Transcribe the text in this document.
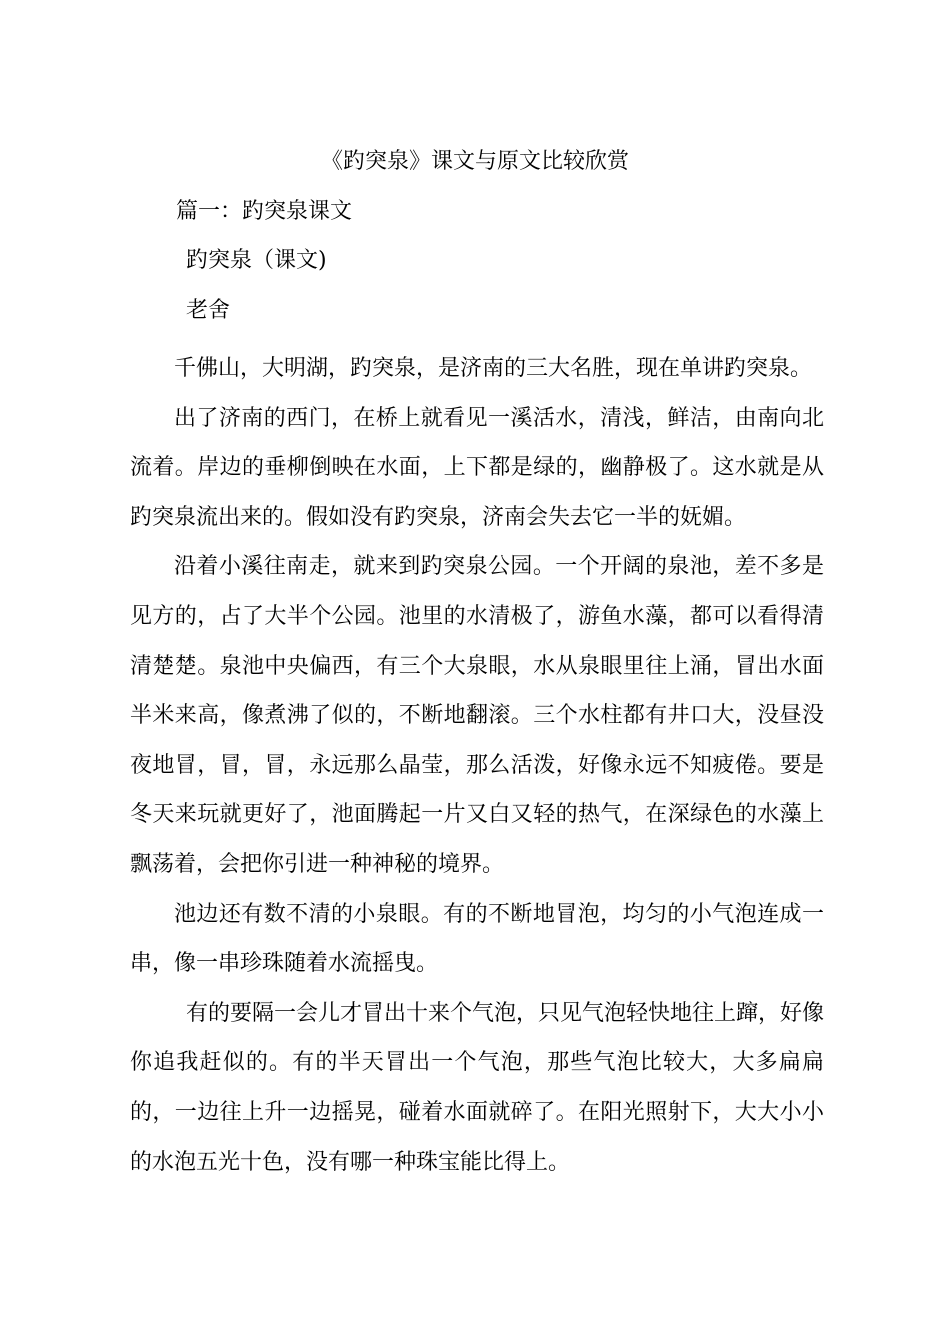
《趵突泉》课文与原文比较欣赏
篇一：趵突泉课文
趵突泉（课文)
老舍

千佛山，大明湖，趵突泉，是济南的三大名胜，现在单讲趵突泉。

出了济南的西门，在桥上就看见一溪活水，清浅，鲜洁，由南向北流着。岸边的垂柳倒映在水面，上下都是绿的，幽静极了。这水就是从趵突泉流出来的。假如没有趵突泉，济南会失去它一半的妩媚。

沿着小溪往南走，就来到趵突泉公园。一个开阔的泉池，差不多是见方的，占了大半个公园。池里的水清极了，游鱼水藻，都可以看得清清楚楚。泉池中央偏西，有三个大泉眼，水从泉眼里往上涌，冒出水面半米来高，像煮沸了似的，不断地翻滚。三个水柱都有井口大，没昼没夜地冒，冒，冒，永远那么晶莹，那么活泼，好像永远不知疲倦。要是冬天来玩就更好了，池面腾起一片又白又轻的热气，在深绿色的水藻上飘荡着，会把你引进一种神秘的境界。

池边还有数不清的小泉眼。有的不断地冒泡，均匀的小气泡连成一串，像一串珍珠随着水流摇曳。

有的要隔一会儿才冒出十来个气泡，只见气泡轻快地往上蹿，好像你追我赶似的。有的半天冒出一个气泡，那些气泡比较大，大多扁扁的，一边往上升一边摇晃，碰着水面就碎了。在阳光照射下，大大小小的水泡五光十色，没有哪一种珠宝能比得上。
